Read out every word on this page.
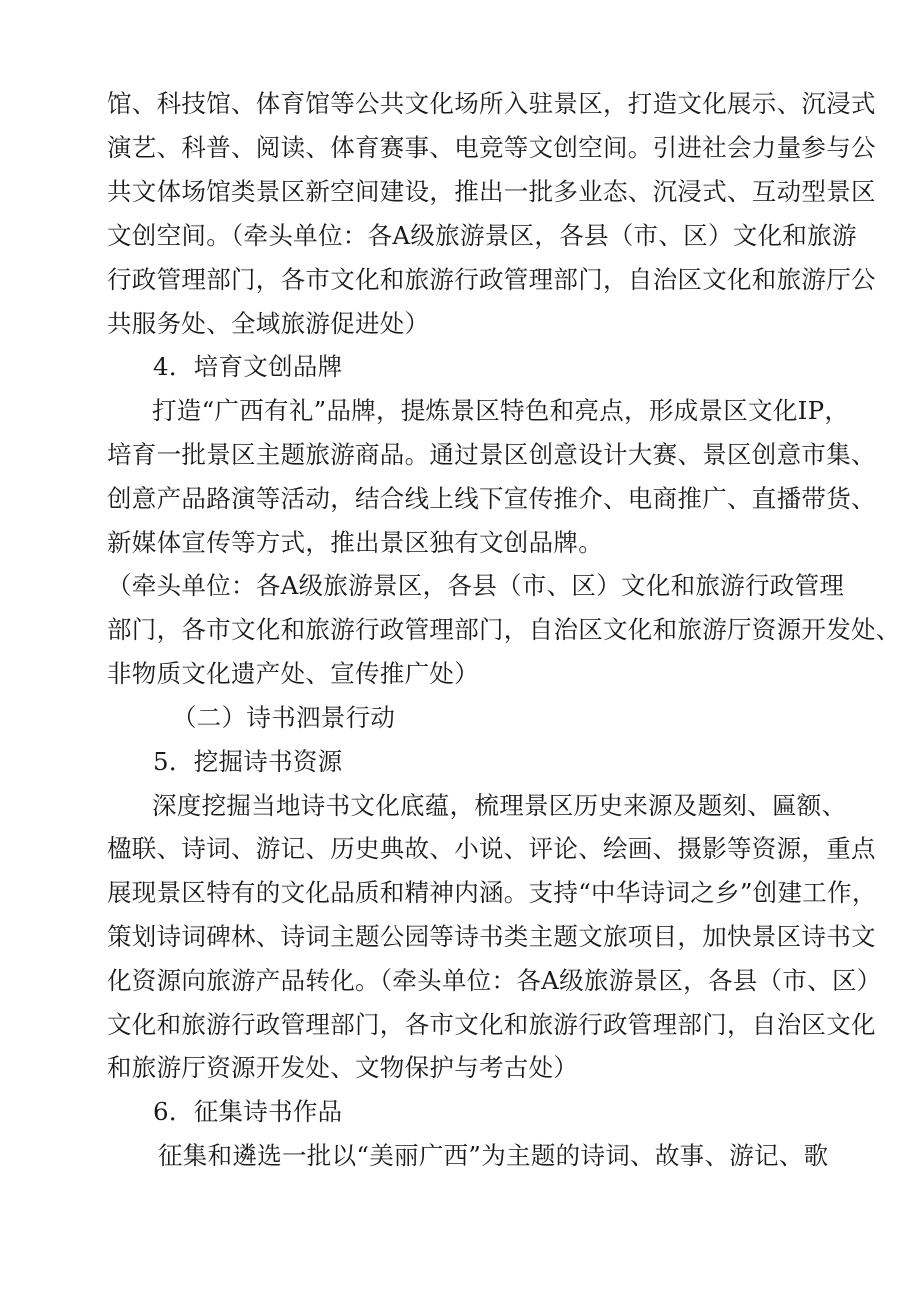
馆、科技馆、体育馆等公共文化场所入驻景区，打造文化展示、沉浸式
演艺、科普、阅读、体育赛事、电竞等文创空间。引进社会力量参与公
共文体场馆类景区新空间建设，推出一批多业态、沉浸式、互动型景区
文创空间。（牵头单位：各A级旅游景区，各县（市、区）文化和旅游
行政管理部门，各市文化和旅游行政管理部门，自治区文化和旅游厅公
共服务处、全域旅游促进处）
4．培育文创品牌
打造“广西有礼”品牌，提炼景区特色和亮点，形成景区文化IP，
培育一批景区主题旅游商品。通过景区创意设计大赛、景区创意市集、
创意产品路演等活动，结合线上线下宣传推介、电商推广、直播带货、
新媒体宣传等方式，推出景区独有文创品牌。
（牵头单位：各A级旅游景区，各县（市、区）文化和旅游行政管理
部门，各市文化和旅游行政管理部门，自治区文化和旅游厅资源开发处、
非物质文化遗产处、宣传推广处）
（二）诗书泗景行动
5．挖掘诗书资源
深度挖掘当地诗书文化底蕴，梳理景区历史来源及题刻、匾额、
楹联、诗词、游记、历史典故、小说、评论、绘画、摄影等资源，重点
展现景区特有的文化品质和精神内涵。支持“中华诗词之乡”创建工作，
策划诗词碑林、诗词主题公园等诗书类主题文旅项目，加快景区诗书文
化资源向旅游产品转化。（牵头单位：各A级旅游景区，各县（市、区）
文化和旅游行政管理部门，各市文化和旅游行政管理部门，自治区文化
和旅游厅资源开发处、文物保护与考古处）
6．征集诗书作品
征集和遴选一批以“美丽广西”为主题的诗词、故事、游记、歌
